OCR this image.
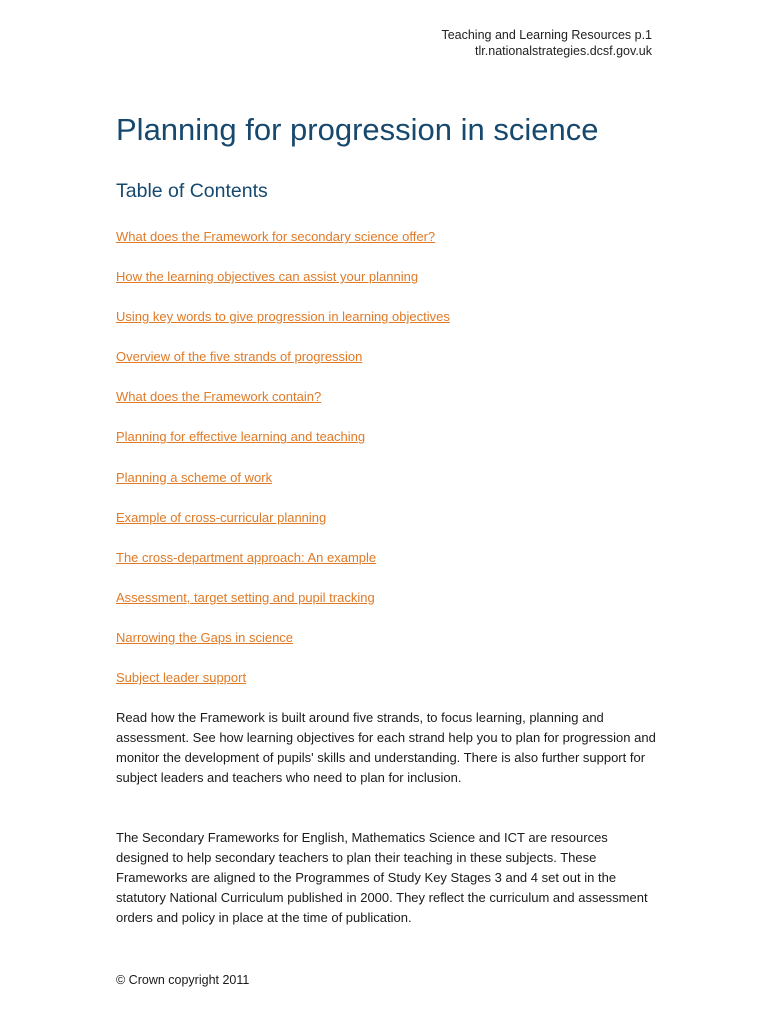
Teaching and Learning Resources p.1
tlr.nationalstrategies.dcsf.gov.uk
Planning for progression in science
Table of Contents
What does the Framework for secondary science offer?
How the learning objectives can assist your planning
Using key words to give progression in learning objectives
Overview of the five strands of progression
What does the Framework contain?
Planning for effective learning and teaching
Planning a scheme of work
Example of cross-curricular planning
The cross-department approach: An example
Assessment, target setting and pupil tracking
Narrowing the Gaps in science
Subject leader support

Read how the Framework is built around five strands, to focus learning, planning and assessment. See how learning objectives for each strand help you to plan for progression and monitor the development of pupils' skills and understanding. There is also further support for subject leaders and teachers who need to plan for inclusion.

The Secondary Frameworks for English, Mathematics Science and ICT are resources designed to help secondary teachers to plan their teaching in these subjects. These Frameworks are aligned to the Programmes of Study Key Stages 3 and 4 set out in the statutory National Curriculum published in 2000. They reflect the curriculum and assessment orders and policy in place at the time of publication.

© Crown copyright 2011
